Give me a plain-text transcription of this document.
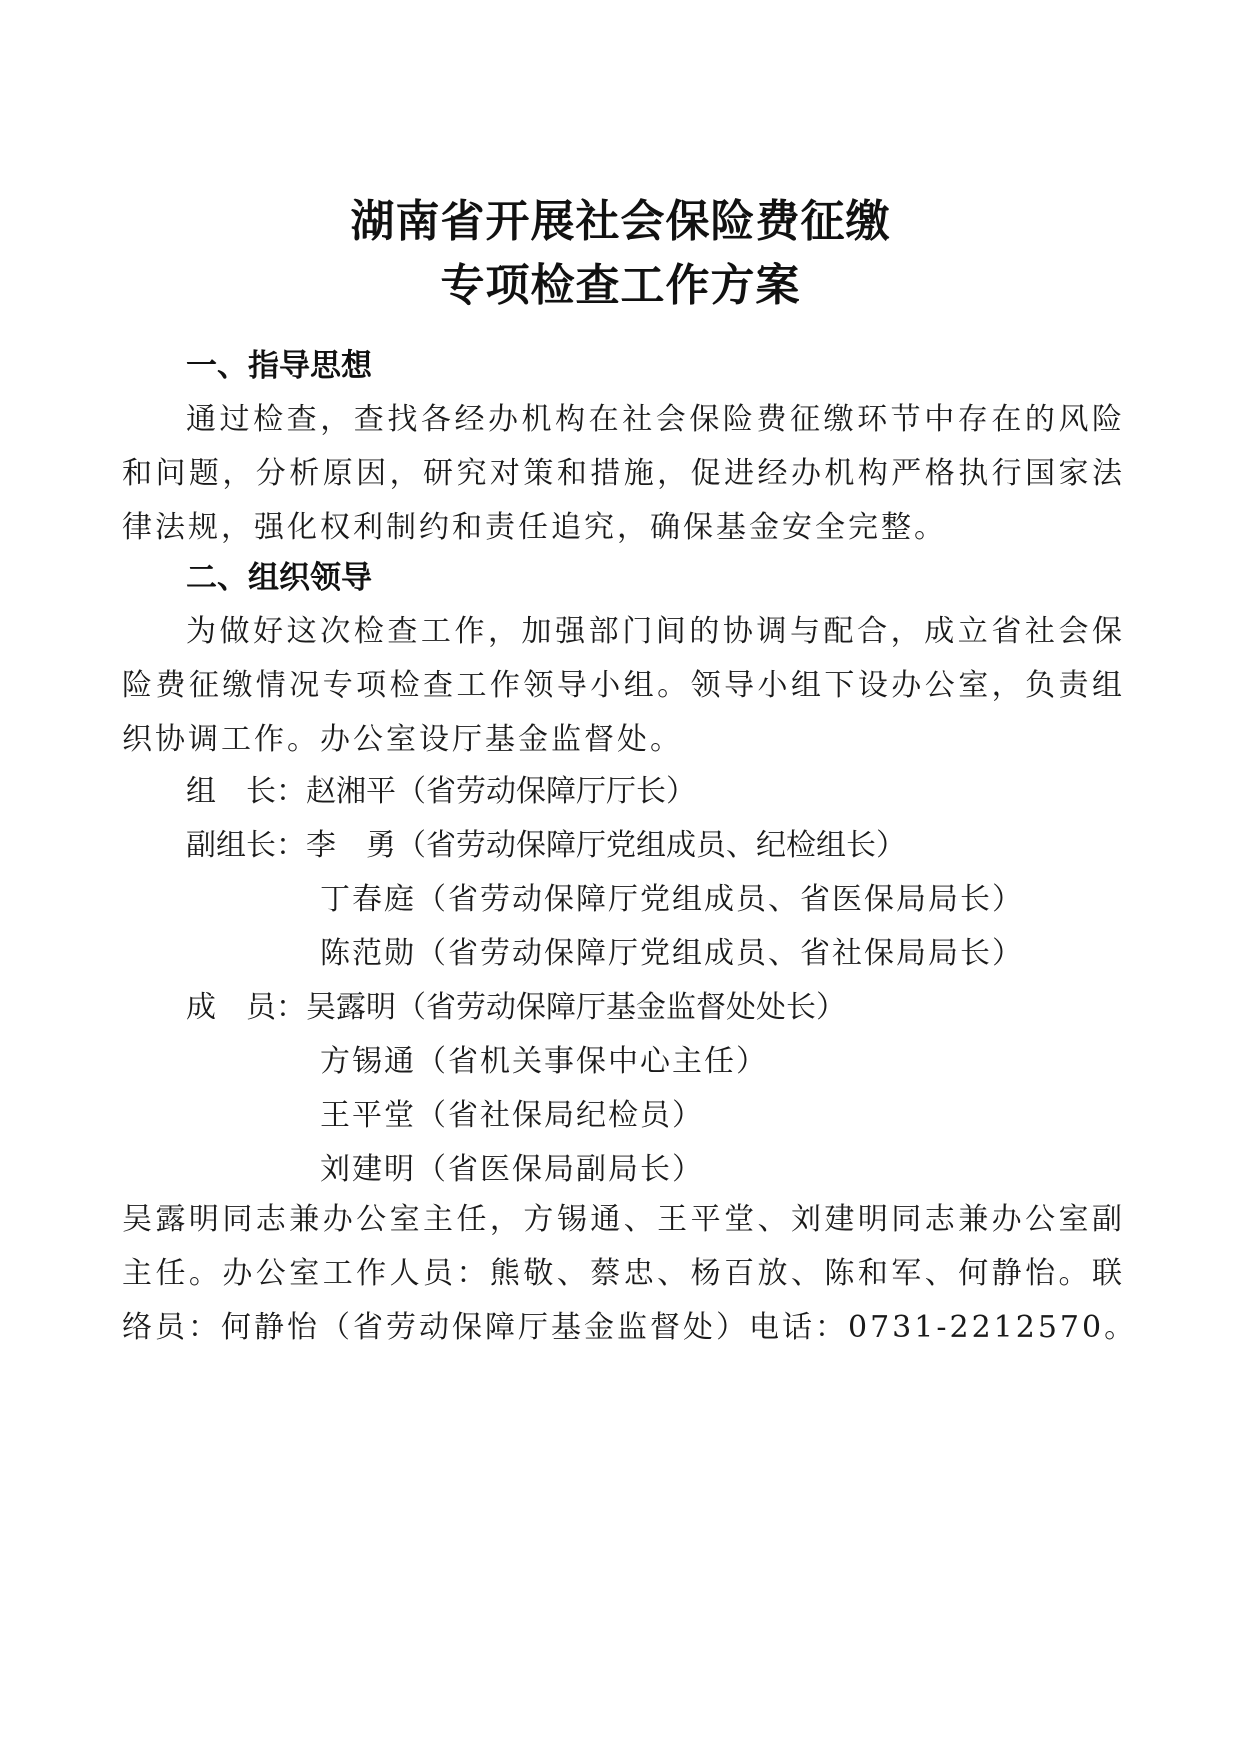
湖南省开展社会保险费征缴
专项检查工作方案
一、指导思想
通过检查，查找各经办机构在社会保险费征缴环节中存在的风险
和问题，分析原因，研究对策和措施，促进经办机构严格执行国家法
律法规，强化权利制约和责任追究，确保基金安全完整。
二、组织领导
为做好这次检查工作，加强部门间的协调与配合，成立省社会保
险费征缴情况专项检查工作领导小组。领导小组下设办公室，负责组
织协调工作。办公室设厅基金监督处。
组　长：赵湘平（省劳动保障厅厅长）
副组长：李　勇（省劳动保障厅党组成员、纪检组长）
丁春庭（省劳动保障厅党组成员、省医保局局长）
陈范勋（省劳动保障厅党组成员、省社保局局长）
成　员：吴露明（省劳动保障厅基金监督处处长）
方锡通（省机关事保中心主任）
王平堂（省社保局纪检员）
刘建明（省医保局副局长）
吴露明同志兼办公室主任，方锡通、王平堂、刘建明同志兼办公室副
主任。办公室工作人员：熊敬、蔡忠、杨百放、陈和军、何静怡。联
络员：何静怡（省劳动保障厅基金监督处）电话：0731-2212570。
